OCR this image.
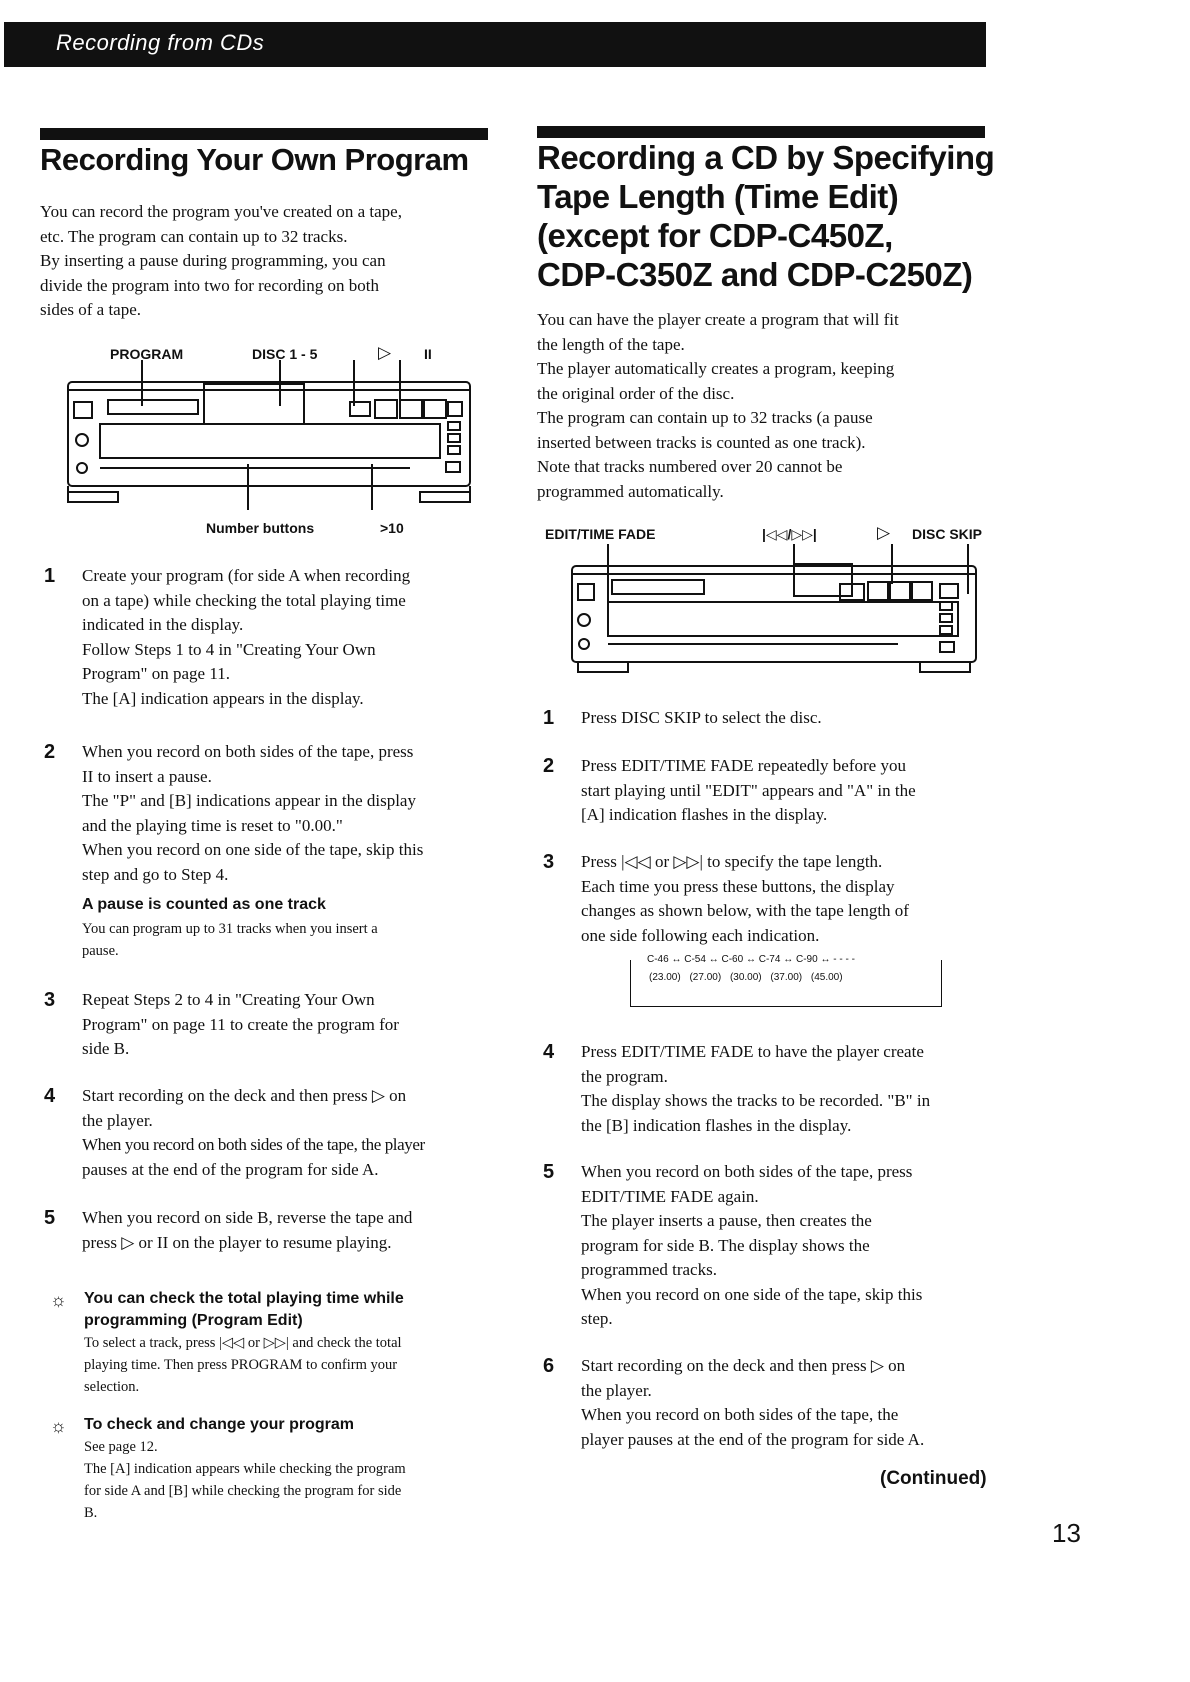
Recording from CDs
Recording Your Own Program

You can record the program you've created on a tape,

etc. The program can contain up to 32 tracks.

By inserting a pause during programming, you can

divide the program into two for recording on both

sides of a tape.

PROGRAM	DISC 1 - 5	▷ II
Number buttons	>10
1 Create your program (for side A when recording

on a tape) while checking the total playing time

indicated in the display.

Follow Steps 1 to 4 in "Creating Your Own

Program" on page 11.

The [A] indication appears in the display.

2 When you record on both sides of the tape, press

II to insert a pause.

The "P" and [B] indications appear in the display

and the playing time is reset to "0.00."

When you record on one side of the tape, skip this

step and go to Step 4.

A pause is counted as one track

You can program up to 31 tracks when you insert a

pause.

3 Repeat Steps 2 to 4 in "Creating Your Own

Program" on page 11 to create the program for

side B.

4 Start recording on the deck and then press ▷ on

the player.

When you record on both sides of the tape, the player

pauses at the end of the program for side A.

5 When you record on side B, reverse the tape and

press ▷ or II on the player to resume playing.

☼ You can check the total playing time while

programming (Program Edit)

To select a track, press |◁◁ or ▷▷| and check the total

playing time. Then press PROGRAM to confirm your

selection.

☼ To check and change your program

See page 12.

The [A] indication appears while checking the program

for side A and [B] while checking the program for side

B.

Recording a CD by Specifying
Tape Length (Time Edit)
(except for CDP-C450Z,
CDP-C350Z and CDP-C250Z)

You can have the player create a program that will fit

the length of the tape.

The player automatically creates a program, keeping

the original order of the disc.

The program can contain up to 32 tracks (a pause

inserted between tracks is counted as one track).

Note that tracks numbered over 20 cannot be

programmed automatically.

EDIT/TIME FADE	|◁◁/▷▷|	▷ DISC SKIP
1 Press DISC SKIP to select the disc.

2 Press EDIT/TIME FADE repeatedly before you

start playing until "EDIT" appears and "A" in the

[A] indication flashes in the display.

3 Press |◁◁ or ▷▷| to specify the tape length.

Each time you press these buttons, the display

changes as shown below, with the tape length of

one side following each indication.

C-46 ↔ C-54 ↔ C-60 ↔ C-74 ↔ C-90 ↔ - - - -
(23.00) (27.00) (30.00) (37.00) (45.00)
4 Press EDIT/TIME FADE to have the player create

the program.

The display shows the tracks to be recorded. "B" in

the [B] indication flashes in the display.

5 When you record on both sides of the tape, press

EDIT/TIME FADE again.

The player inserts a pause, then creates the

program for side B. The display shows the

programmed tracks.

When you record on one side of the tape, skip this

step.

6 Start recording on the deck and then press ▷ on

the player.

When you record on both sides of the tape, the

player pauses at the end of the program for side A.

(Continued)
13
